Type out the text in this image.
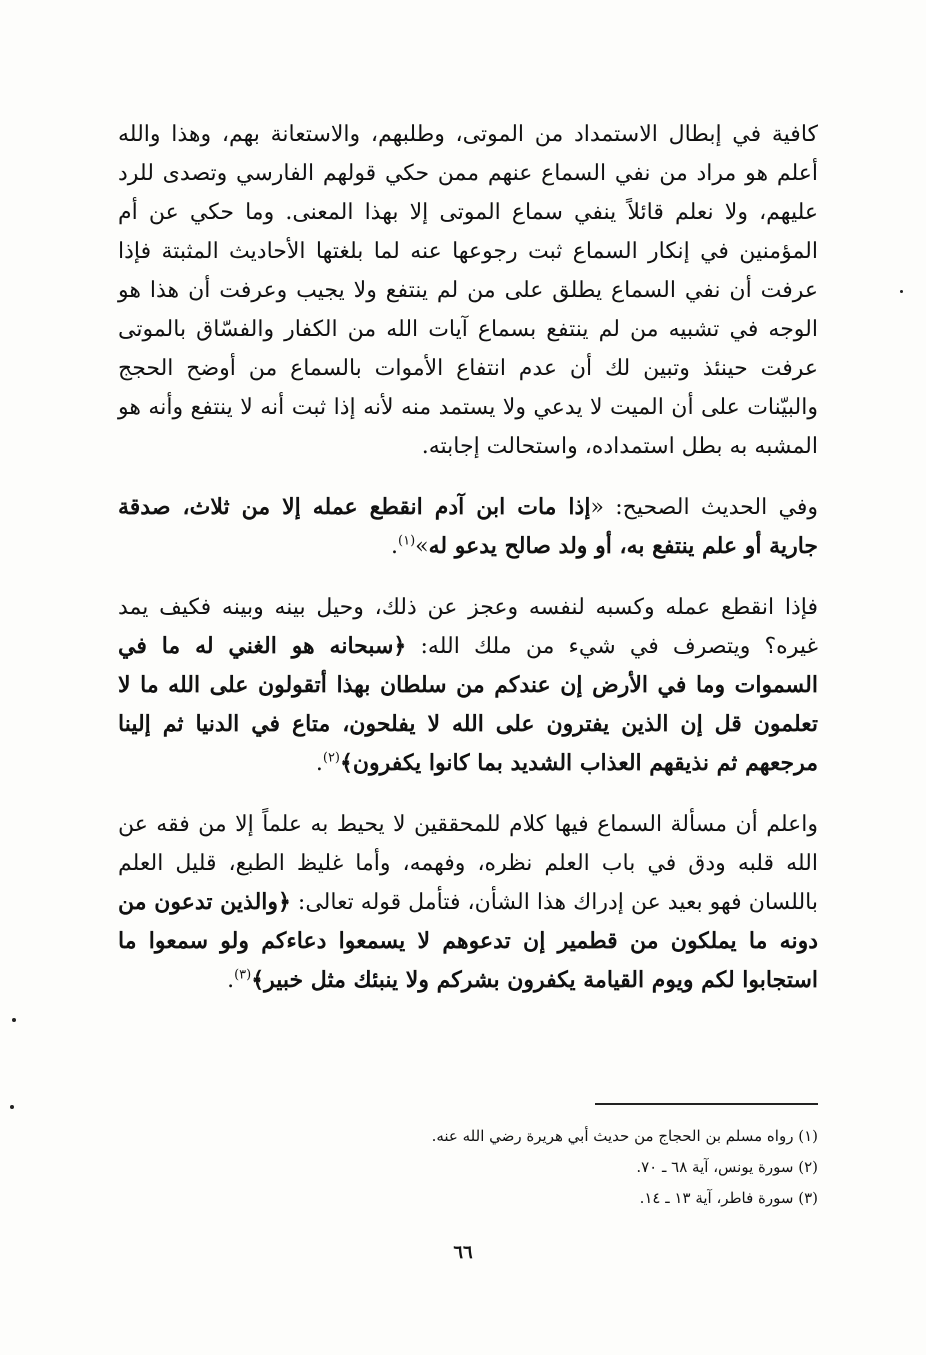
كافية في إبطال الاستمداد من الموتى، وطلبهم، والاستعانة بهم، وهذا والله أعلم هو مراد من نفي السماع عنهم ممن حكي قولهم الفارسي وتصدى للرد عليهم، ولا نعلم قائلاً ينفي سماع الموتى إلا بهذا المعنى. وما حكي عن أم المؤمنين في إنكار السماع ثبت رجوعها عنه لما بلغتها الأحاديث المثبتة فإذا عرفت أن نفي السماع يطلق على من لم ينتفع ولا يجيب وعرفت أن هذا هو الوجه في تشبيه من لم ينتفع بسماع آيات الله من الكفار والفسّاق بالموتى عرفت حينئذ وتبين لك أن عدم انتفاع الأموات بالسماع من أوضح الحجج والبيّنات على أن الميت لا يدعي ولا يستمد منه لأنه إذا ثبت أنه لا ينتفع وأنه هو المشبه به بطل استمداده، واستحالت إجابته.
وفي الحديث الصحيح: «إذا مات ابن آدم انقطع عمله إلا من ثلاث، صدقة جارية أو علم ينتفع به، أو ولد صالح يدعو له»$^{(١)}$.
فإذا انقطع عمله وكسبه لنفسه وعجز عن ذلك، وحيل بينه وبينه فكيف يمد غيره؟ ويتصرف في شيء من ملك الله: ﴿سبحانه هو الغني له ما في السموات وما في الأرض إن عندكم من سلطان بهذا أتقولون على الله ما لا تعلمون قل إن الذين يفترون على الله لا يفلحون، متاع في الدنيا ثم إلينا مرجعهم ثم نذيقهم العذاب الشديد بما كانوا يكفرون﴾$^{(٢)}$.
واعلم أن مسألة السماع فيها كلام للمحققين لا يحيط به علماً إلا من فقه عن الله قلبه ودق في باب العلم نظره، وفهمه، وأما غليظ الطبع، قليل العلم باللسان فهو بعيد عن إدراك هذا الشأن، فتأمل قوله تعالى: ﴿والذين تدعون من دونه ما يملكون من قطمير إن تدعوهم لا يسمعوا دعاءكم ولو سمعوا ما استجابوا لكم ويوم القيامة يكفرون بشركم ولا ينبئك مثل خبير﴾$^{(٣)}$.
(١) رواه مسلم بن الحجاج من حديث أبي هريرة رضي الله عنه.
(٢) سورة يونس، آية ٦٨ ـ ٧٠.
(٣) سورة فاطر، آية ١٣ ـ ١٤.
٦٦
